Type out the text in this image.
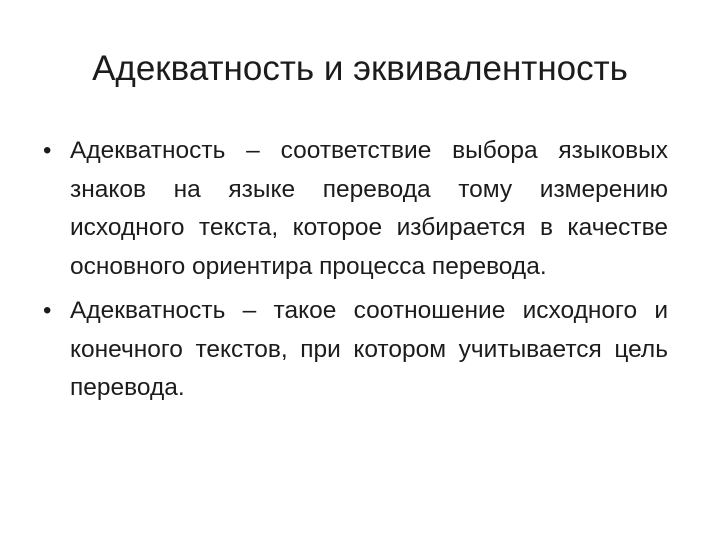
Адекватность и эквивалентность
• Адекватность – соответствие выбора языковых знаков на языке перевода тому измерению исходного текста, которое избирается в качестве основного ориентира процесса перевода.
• Адекватность – такое соотношение исходного и конечного текстов, при котором учитывается цель перевода.
